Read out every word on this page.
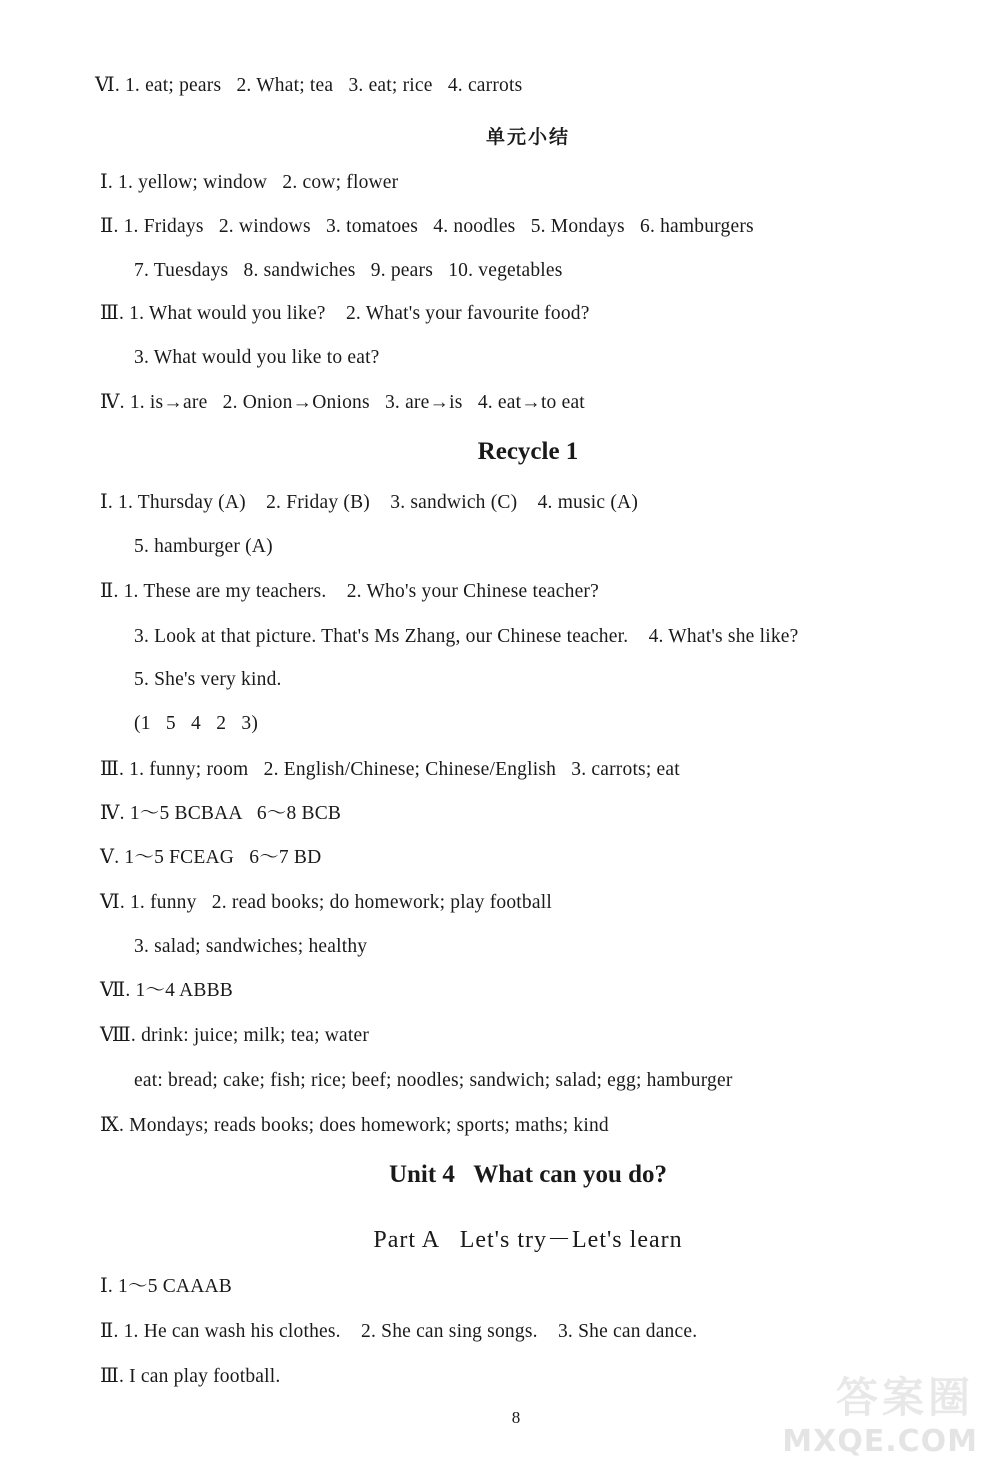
Ⅵ. 1. eat; pears   2. What; tea   3. eat; rice   4. carrots
单元小结
Ⅰ. 1. yellow; window   2. cow; flower
Ⅱ. 1. Fridays   2. windows   3. tomatoes   4. noodles   5. Mondays   6. hamburgers
7. Tuesdays   8. sandwiches   9. pears   10. vegetables
Ⅲ. 1. What would you like?    2. What's your favourite food?
3. What would you like to eat?
Ⅳ. 1. is→are   2. Onion→Onions   3. are→is   4. eat→to eat
Recycle 1
Ⅰ. 1. Thursday (A)    2. Friday (B)    3. sandwich (C)    4. music (A)
5. hamburger (A)
Ⅱ. 1. These are my teachers.    2. Who's your Chinese teacher?
3. Look at that picture. That's Ms Zhang, our Chinese teacher.    4. What's she like?
5. She's very kind.
(1   5   4   2   3)
Ⅲ. 1. funny; room   2. English/Chinese; Chinese/English   3. carrots; eat
Ⅳ. 1～5 BCBAA   6～8 BCB
Ⅴ. 1～5 FCEAG   6～7 BD
Ⅵ. 1. funny   2. read books; do homework; play football
3. salad; sandwiches; healthy
Ⅶ. 1～4 ABBB
Ⅷ. drink: juice; milk; tea; water
eat: bread; cake; fish; rice; beef; noodles; sandwich; salad; egg; hamburger
Ⅸ. Mondays; reads books; does homework; sports; maths; kind
Unit 4   What can you do?
Part A   Let's try－Let's learn
Ⅰ. 1～5 CAAAB
Ⅱ. 1. He can wash his clothes.    2. She can sing songs.    3. She can dance.
Ⅲ. I can play football.
8	答案圈
MXQE.COM
